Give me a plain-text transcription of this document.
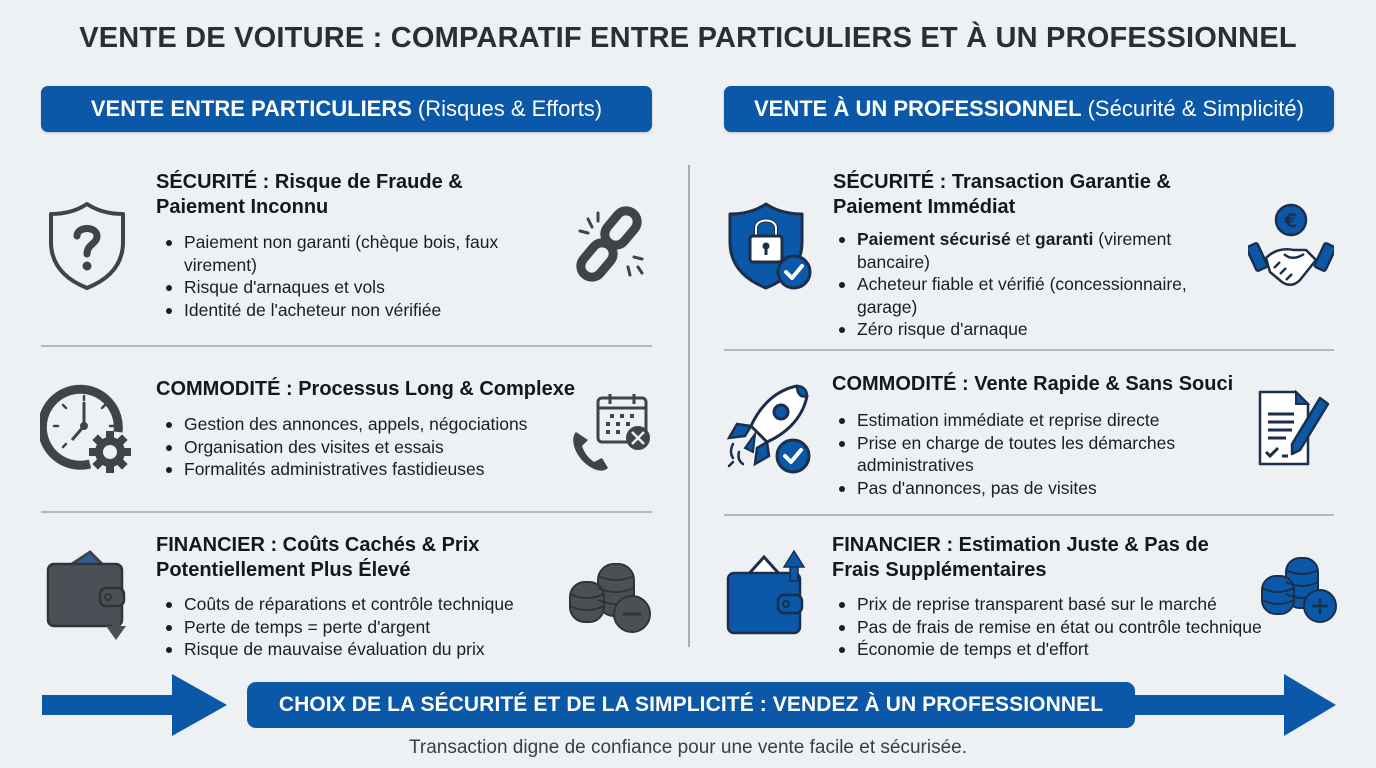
VENTE DE VOITURE : COMPARATIF ENTRE PARTICULIERS ET À UN PROFESSIONNEL
VENTE ENTRE PARTICULIERS (Risques & Efforts)	VENTE À UN PROFESSIONNEL (Sécurité & Simplicité)
SÉCURITÉ : Risque de Fraude &
Paiement Inconnu
Paiement non garanti (chèque bois, faux virement)
Risque d'arnaques et vols
Identité de l'acheteur non vérifiée
COMMODITÉ : Processus Long & Complexe
Gestion des annonces, appels, négociations
Organisation des visites et essais
Formalités administratives fastidieuses
FINANCIER : Coûts Cachés & Prix
Potentiellement Plus Élevé
Coûts de réparations et contrôle technique
Perte de temps = perte d'argent
Risque de mauvaise évaluation du prix
SÉCURITÉ : Transaction Garantie &
Paiement Immédiat
Paiement sécurisé et garanti (virement bancaire)
Acheteur fiable et vérifié (concessionnaire, garage)
Zéro risque d'arnaque
€
COMMODITÉ : Vente Rapide & Sans Souci
Estimation immédiate et reprise directe
Prise en charge de toutes les démarches administratives
Pas d'annonces, pas de visites
FINANCIER : Estimation Juste & Pas de
Frais Supplémentaires
Prix de reprise transparent basé sur le marché
Pas de frais de remise en état ou contrôle technique
Économie de temps et d'effort
CHOIX DE LA SÉCURITÉ ET DE LA SIMPLICITÉ : VENDEZ À UN PROFESSIONNEL
Transaction digne de confiance pour une vente facile et sécurisée.
